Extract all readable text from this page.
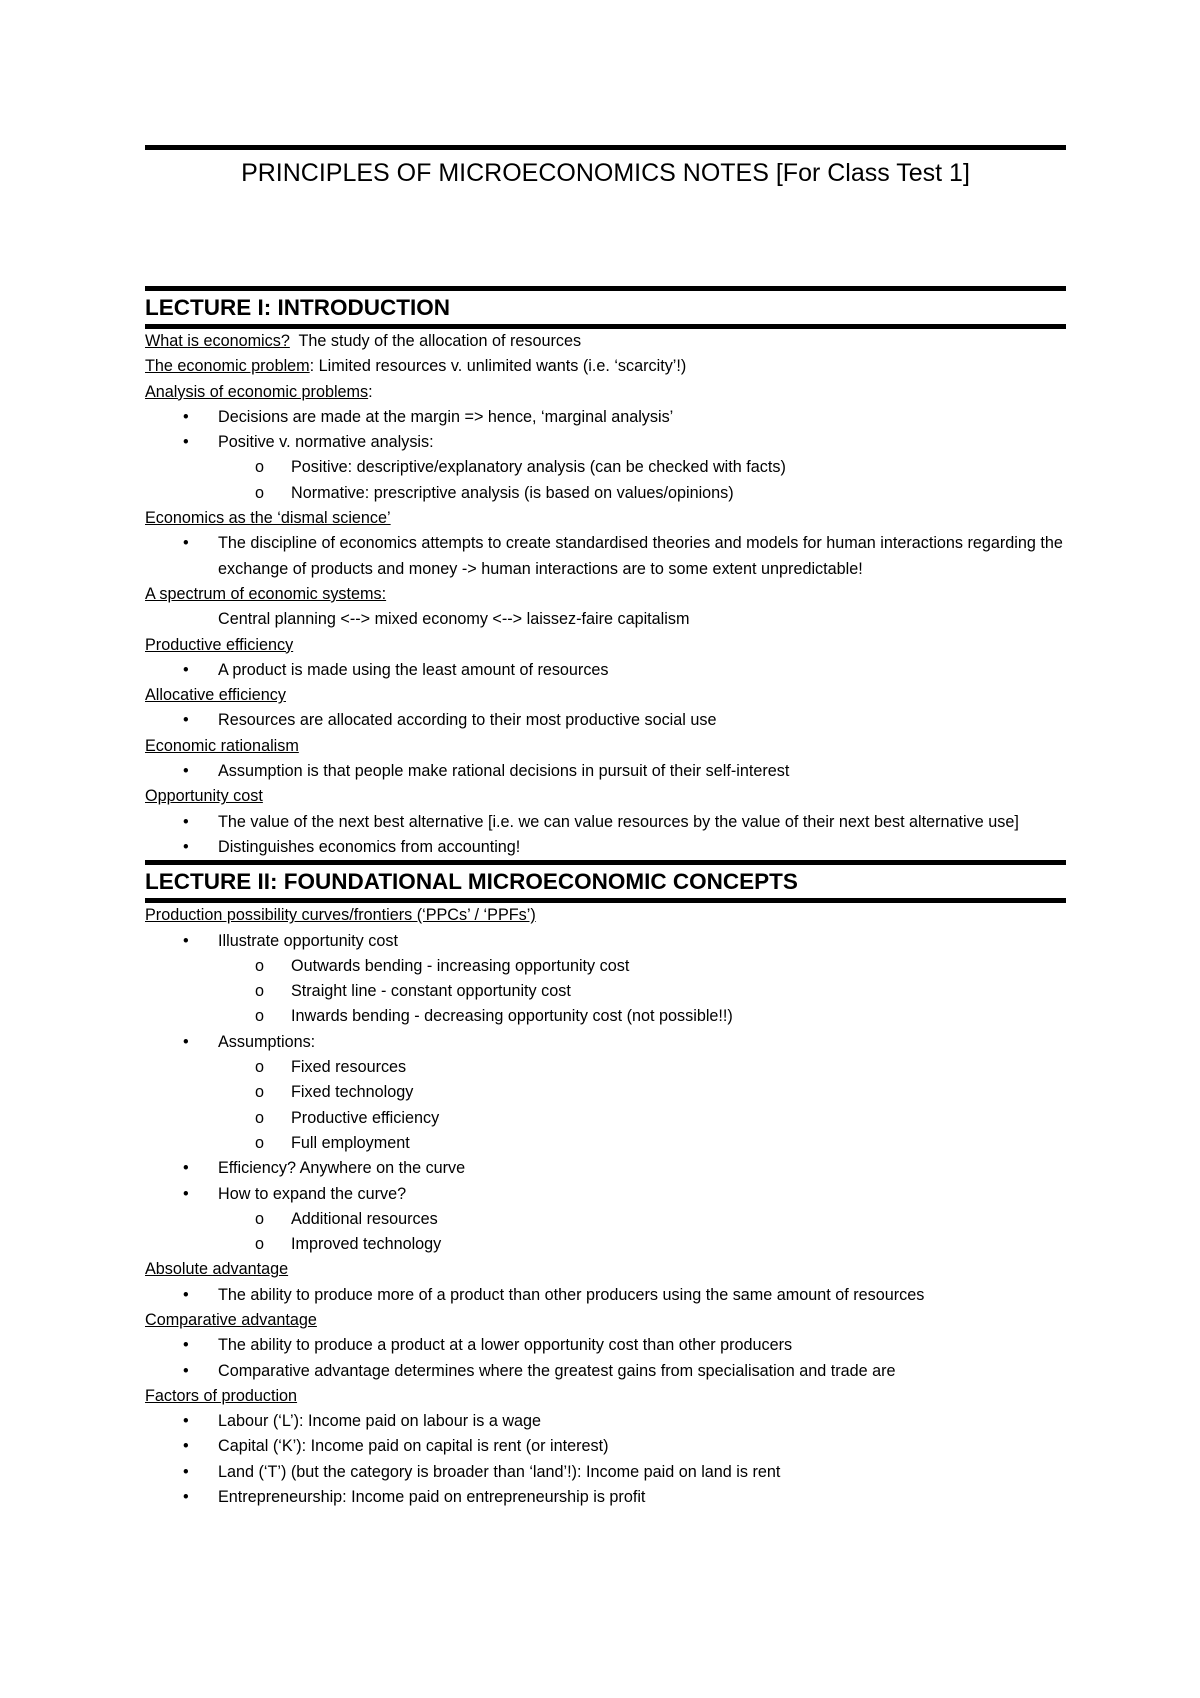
PRINCIPLES OF MICROECONOMICS NOTES [For Class Test 1]
LECTURE I: INTRODUCTION
What is economics?  The study of the allocation of resources
The economic problem: Limited resources v. unlimited wants (i.e. ‘scarcity’!)
Analysis of economic problems:
•	Decisions are made at the margin => hence, ‘marginal analysis’
•	Positive v. normative analysis:
o	Positive: descriptive/explanatory analysis (can be checked with facts)
o	Normative: prescriptive analysis (is based on values/opinions)
Economics as the ‘dismal science’
•	The discipline of economics attempts to create standardised theories and models for human interactions regarding the exchange of products and money -> human interactions are to some extent unpredictable!
A spectrum of economic systems:
Central planning <--> mixed economy <--> laissez-faire capitalism
Productive efficiency
•	A product is made using the least amount of resources
Allocative efficiency
•	Resources are allocated according to their most productive social use
Economic rationalism
•	Assumption is that people make rational decisions in pursuit of their self-interest
Opportunity cost
•	The value of the next best alternative [i.e. we can value resources by the value of their next best alternative use]
•	Distinguishes economics from accounting!
LECTURE II: FOUNDATIONAL MICROECONOMIC CONCEPTS
Production possibility curves/frontiers (‘PPCs’ / ‘PPFs’)
•	Illustrate opportunity cost
o	Outwards bending - increasing opportunity cost
o	Straight line - constant opportunity cost
o	Inwards bending - decreasing opportunity cost (not possible!!)
•	Assumptions:
o	Fixed resources
o	Fixed technology
o	Productive efficiency
o	Full employment
•	Efficiency? Anywhere on the curve
•	How to expand the curve?
o	Additional resources
o	Improved technology
Absolute advantage
•	The ability to produce more of a product than other producers using the same amount of resources
Comparative advantage
•	The ability to produce a product at a lower opportunity cost than other producers
•	Comparative advantage determines where the greatest gains from specialisation and trade are
Factors of production
•	Labour (‘L’): Income paid on labour is a wage
•	Capital (‘K’): Income paid on capital is rent (or interest)
•	Land (‘T’) (but the category is broader than ‘land’!): Income paid on land is rent
•	Entrepreneurship: Income paid on entrepreneurship is profit
